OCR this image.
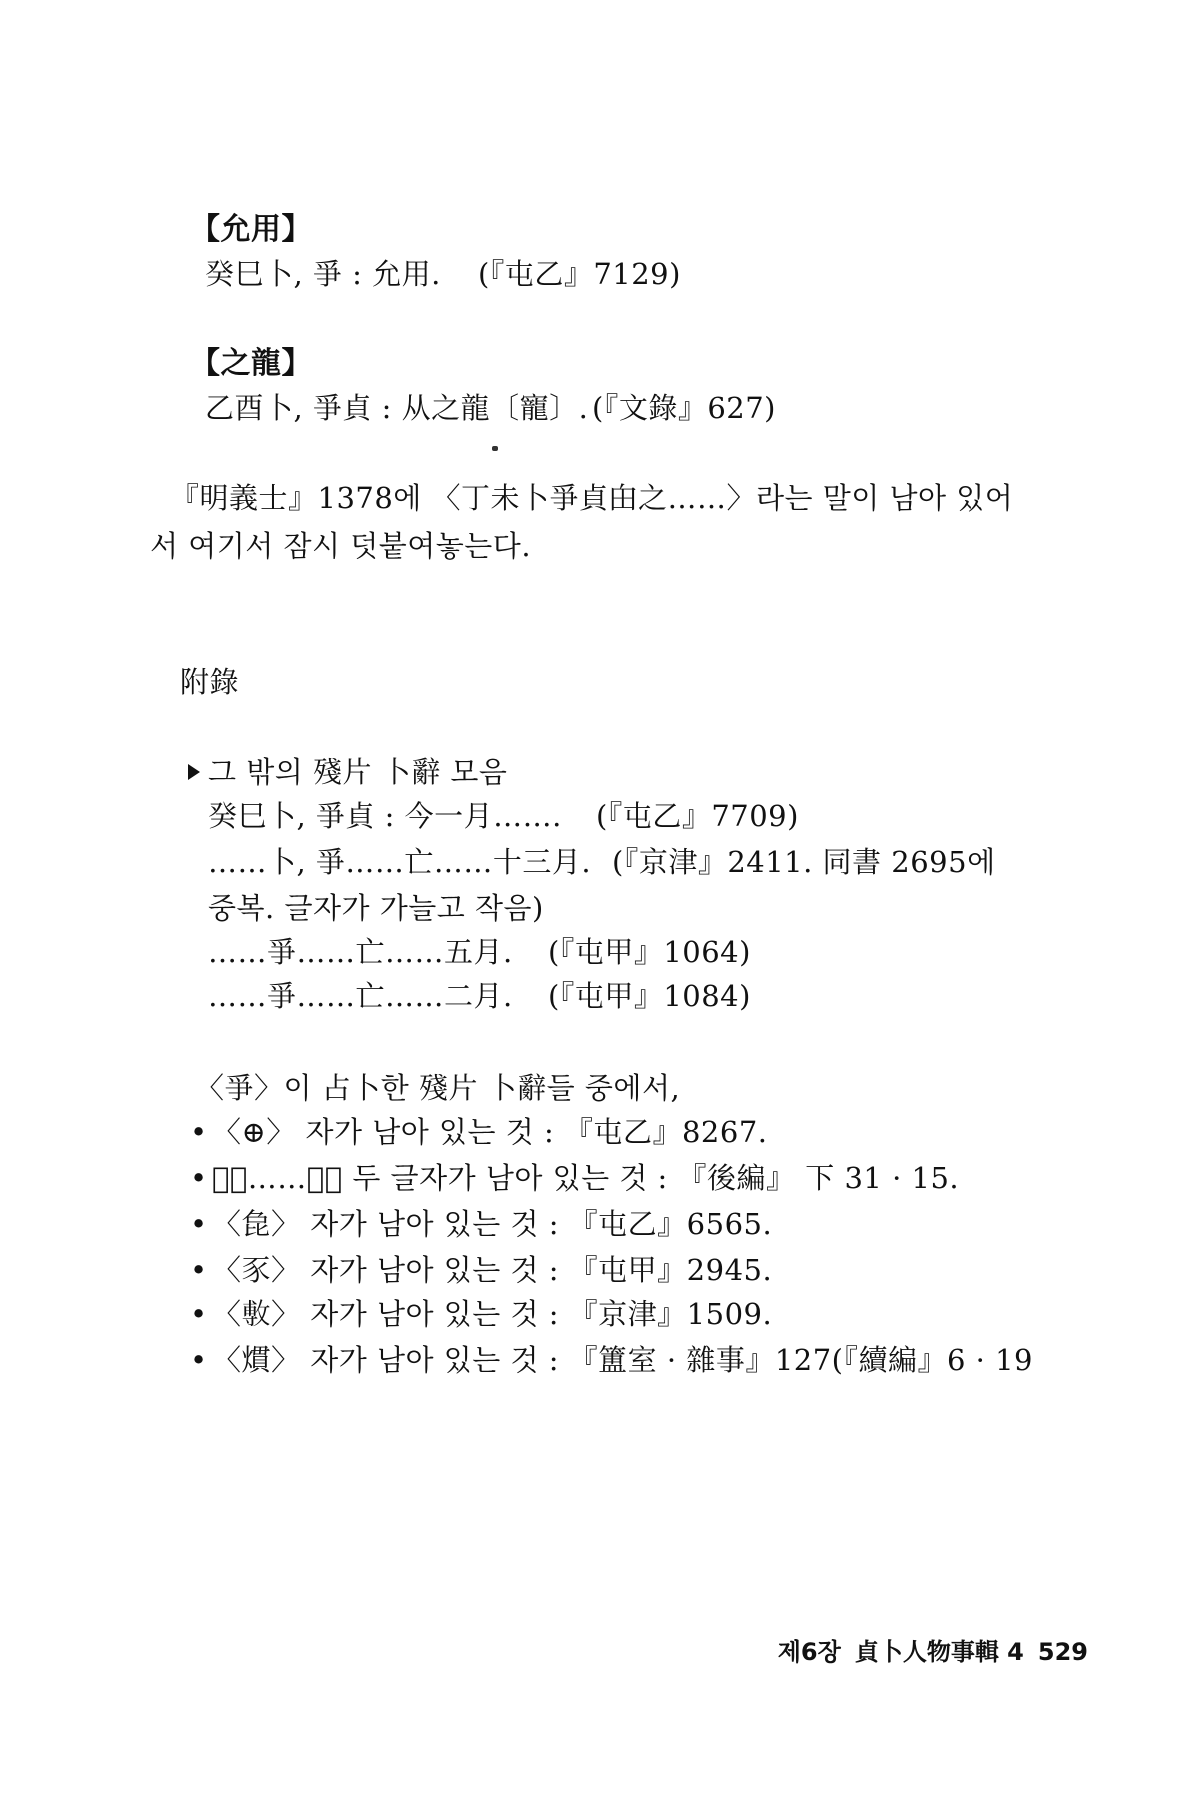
【允用】
癸巳卜, 爭 : 允用. (『屯乙』7129)
【之龍】
乙酉卜, 爭貞 : 从之龍〔寵〕. (『文錄』627)
『明義士』1378에 〈丁未卜爭貞甶之……〉라는 말이 남아 있어
서 여기서 잠시 덧붙여놓는다.
附錄
그 밖의 殘片 卜辭 모음
癸巳卜, 爭貞 : 今一月……. (『屯乙』7709)
……卜, 爭……亡……十三月. (『京津』2411. 同書 2695에
중복. 글자가 가늘고 작음)
……爭……亡……五月. (『屯甲』1064)
……爭……亡……二月. (『屯甲』1084)
〈爭〉이 占卜한 殘片 卜辭들 중에서,
• 〈⊕〉 자가 남아 있는 것 : 『屯乙』8267.
• 〈𠃬……𤕫〉 두 글자가 남아 있는 것 : 『後編』 下 31 · 15.
• 〈㲋〉 자가 남아 있는 것 : 『屯乙』6565.
• 〈豕〉 자가 남아 있는 것 : 『屯甲』2945.
• 〈𢾭〉 자가 남아 있는 것 : 『京津』1509.
• 〈𤎽〉 자가 남아 있는 것 : 『簠室 · 雜事』127(『續編』6 · 19
제6장 貞卜人物事輯 4 529
